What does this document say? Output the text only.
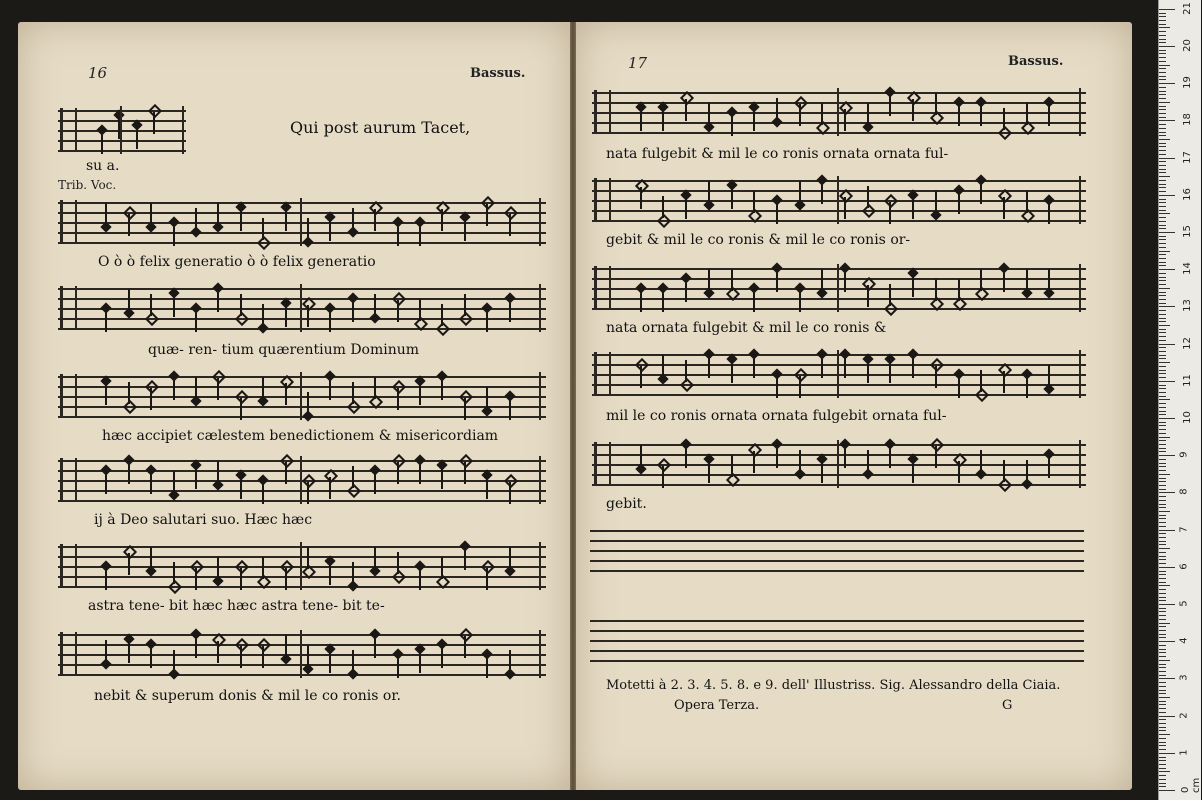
16	Bassus.
Qui post aurum Tacet,
su a.
Trib. Voc.
O ò ò felix generatio ò ò felix generatio
quæ- ren- tium quærentium Dominum
hæc accipiet cælestem benedictionem & misericordiam
ij à Deo salutari suo. Hæc hæc
astra tene- bit hæc hæc astra tene- bit te-
nebit & superum donis & mil le co ronis or.
17	Bassus.
nata fulgebit & mil le co ronis ornata ornata ful-
gebit & mil le co ronis & mil le co ronis or-
nata ornata fulgebit & mil le co ronis &
mil le co ronis ornata ornata fulgebit ornata ful-
gebit.
Motetti à 2. 3. 4. 5. 8. e 9. dell' Illustriss. Sig. Alessandro della Ciaia.
Opera Terza.	G
0 cm
1
2
3
4
5
6
7
8
9
10
11
12
13
14
15
16
17
18
19
20
21
